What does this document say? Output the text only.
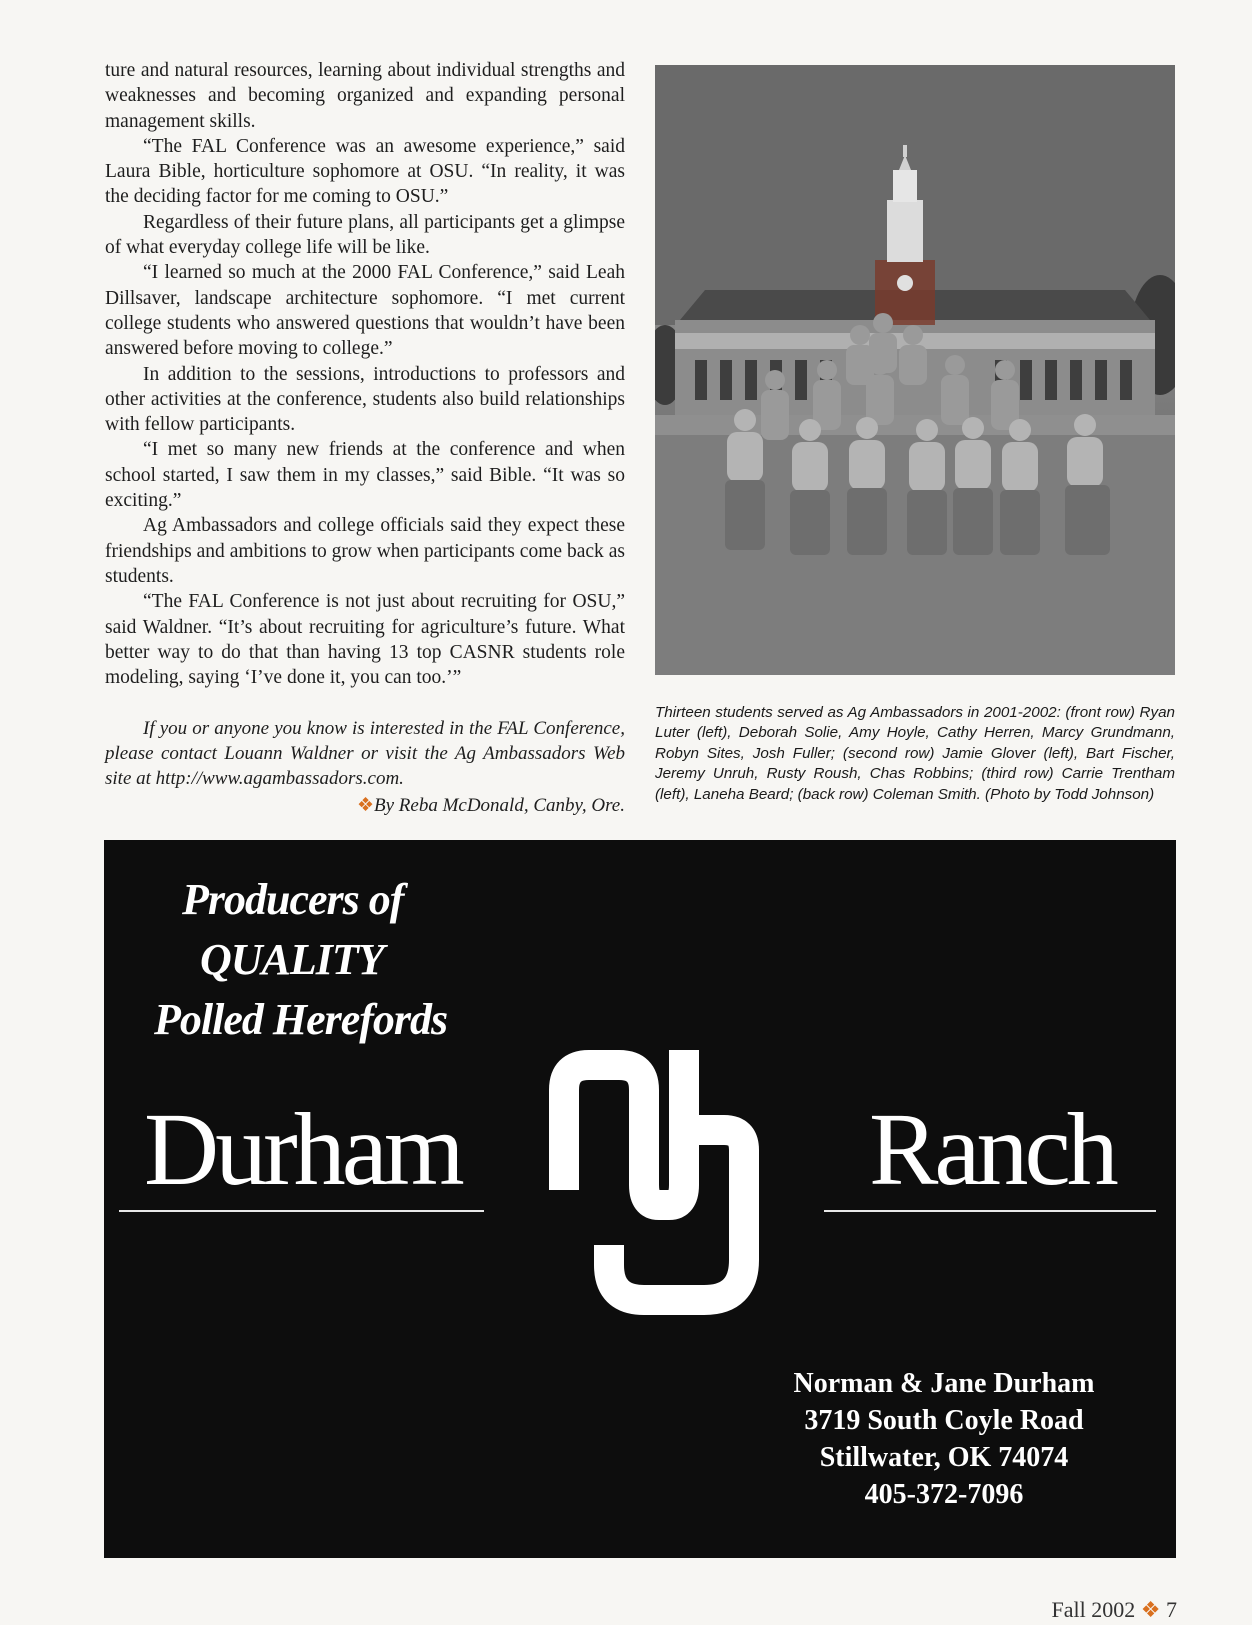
ture and natural resources, learning about individual strengths and weaknesses and becoming organized and expanding personal management skills.

“The FAL Conference was an awesome experience,” said Laura Bible, horticulture sophomore at OSU. “In reality, it was the deciding factor for me coming to OSU.”

Regardless of their future plans, all participants get a glimpse of what everyday college life will be like.

“I learned so much at the 2000 FAL Conference,” said Leah Dillsaver, landscape architecture sophomore. “I met current college students who answered questions that wouldn’t have been answered before moving to college.”

In addition to the sessions, introductions to professors and other activities at the conference, students also build relationships with fellow participants.

“I met so many new friends at the conference and when school started, I saw them in my classes,” said Bible. “It was so exciting.”

Ag Ambassadors and college officials said they expect these friendships and ambitions to grow when participants come back as students.

“The FAL Conference is not just about recruiting for OSU,” said Waldner. “It’s about recruiting for agriculture’s future. What better way to do that than having 13 top CASNR students role modeling, saying ‘I’ve done it, you can too.’”

If you or anyone you know is interested in the FAL Conference, please contact Louann Waldner or visit the Ag Ambassadors Web site at http://www.agambassadors.com.

❖By Reba McDonald, Canby, Ore.

Thirteen students served as Ag Ambassadors in 2001-2002: (front row) Ryan Luter (left), Deborah Solie, Amy Hoyle, Cathy Herren, Marcy Grundmann, Robyn Sites, Josh Fuller; (second row) Jamie Glover (left), Bart Fischer, Jeremy Unruh, Rusty Roush, Chas Robbins; (third row) Carrie Trentham (left), Laneha Beard; (back row) Coleman Smith. (Photo by Todd Johnson)
Producers of
QUALITY
Polled Herefords
Durham	Ranch
Norman & Jane Durham
3719 South Coyle Road
Stillwater, OK 74074
405-372-7096
Fall 2002 ❖ 7
